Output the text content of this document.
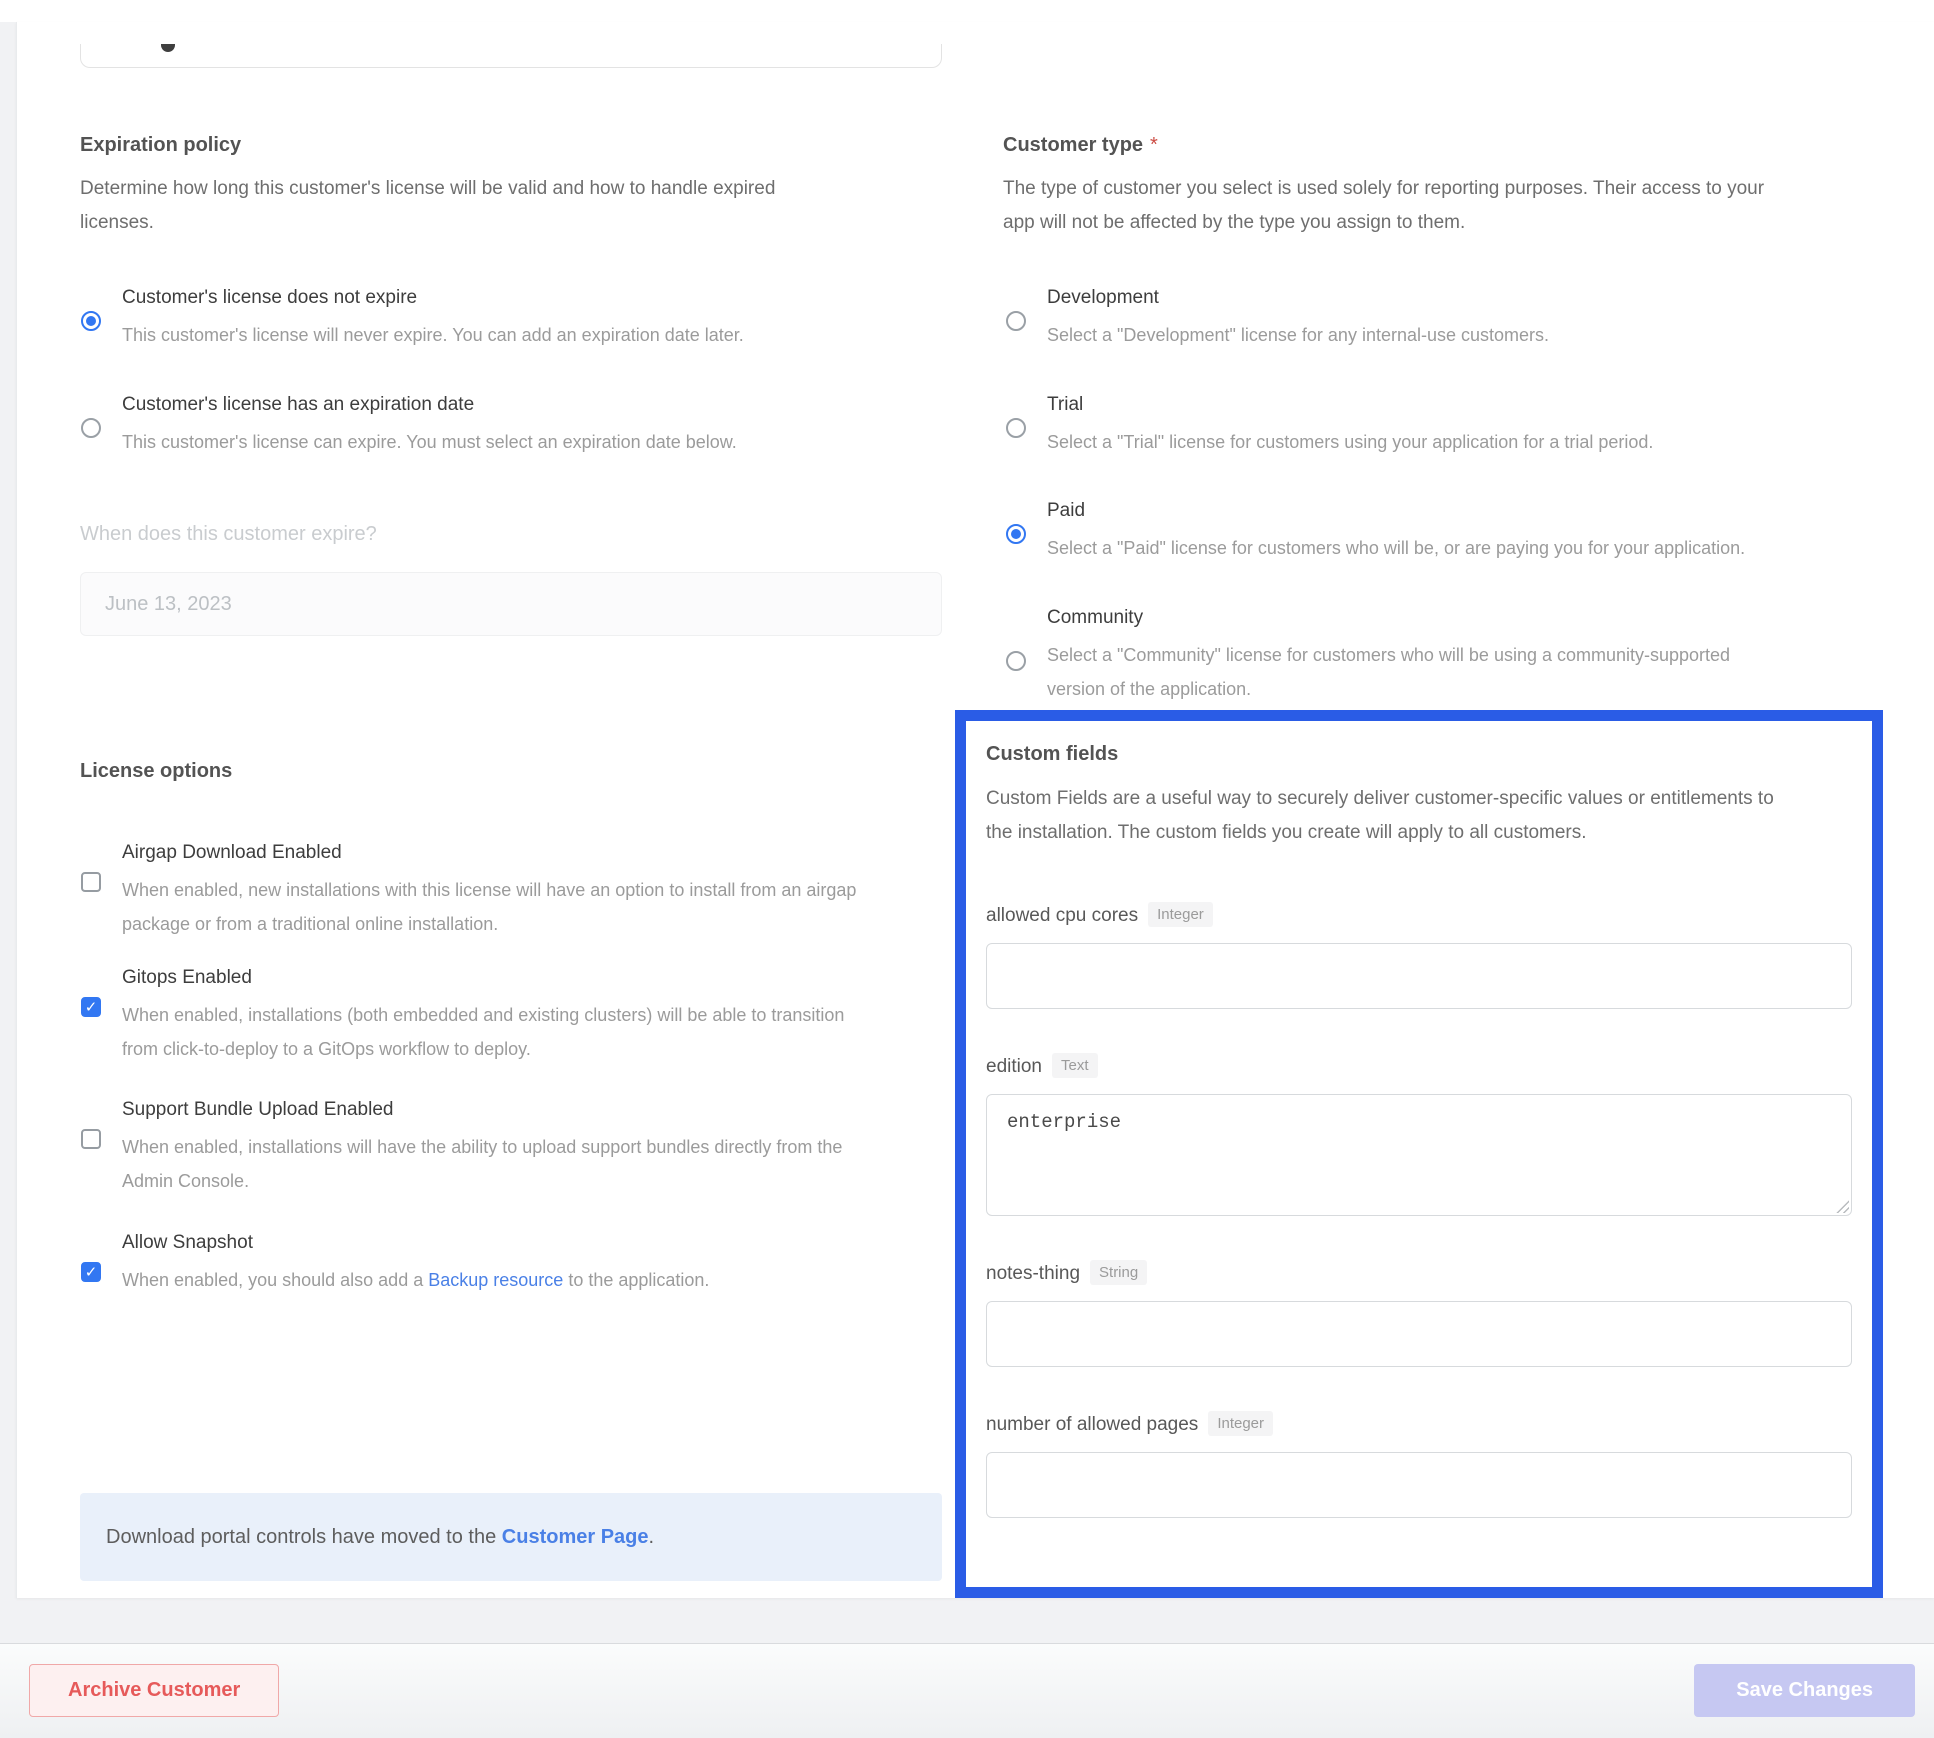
Expiration policy
Determine how long this customer's license will be valid and how to handle expired licenses.
Customer's license does not expire
This customer's license will never expire. You can add an expiration date later.
Customer's license has an expiration date
This customer's license can expire. You must select an expiration date below.
When does this customer expire?
June 13, 2023
License options
Airgap Download Enabled
When enabled, new installations with this license will have an option to install from an airgap package or from a traditional online installation.
✓
Gitops Enabled
When enabled, installations (both embedded and existing clusters) will be able to transition from click-to-deploy to a GitOps workflow to deploy.
Support Bundle Upload Enabled
When enabled, installations will have the ability to upload support bundles directly from the Admin Console.
✓
Allow Snapshot
When enabled, you should also add a Backup resource to the application.
Download portal controls have moved to the Customer Page.
Customer type *
The type of customer you select is used solely for reporting purposes. Their access to your app will not be affected by the type you assign to them.
Development
Select a "Development" license for any internal-use customers.
Trial
Select a "Trial" license for customers using your application for a trial period.
Paid
Select a "Paid" license for customers who will be, or are paying you for your application.
Community
Select a "Community" license for customers who will be using a community-supported version of the application.
Custom fields
Custom Fields are a useful way to securely deliver customer-specific values or entitlements to the installation. The custom fields you create will apply to all customers.
allowed cpu cores Integer
edition Text
enterprise
notes-thing String
number of allowed pages Integer
Archive Customer	Save Changes
